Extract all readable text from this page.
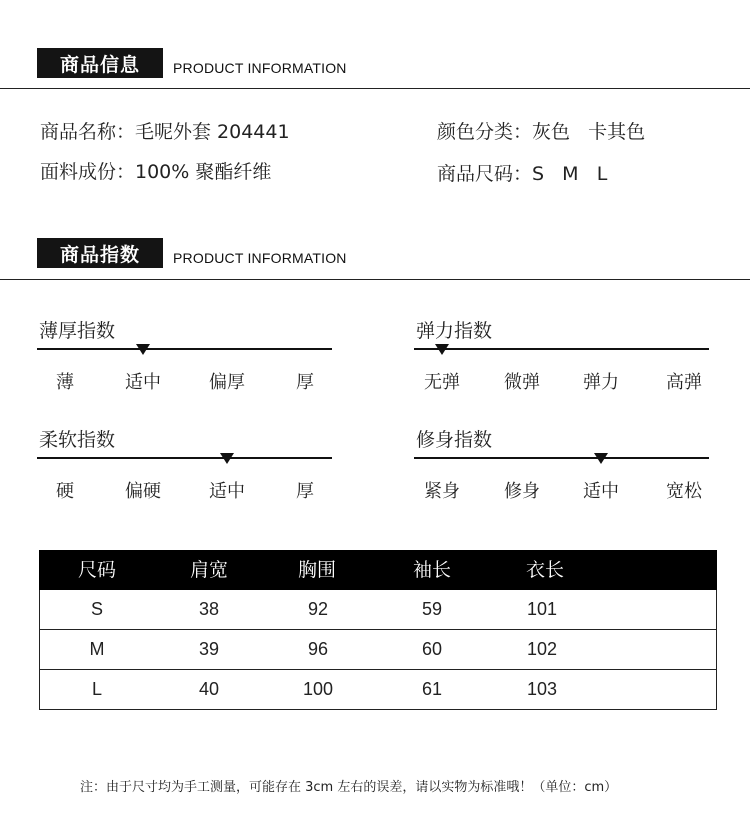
商品信息	PRODUCT INFORMATION
商品名称：毛呢外套 204441	颜色分类：灰色   卡其色
面料成份：100% 聚酯纤维	商品尺码：S   M   L
商品指数	PRODUCT INFORMATION
薄厚指数
薄	适中	偏厚	厚
弹力指数
无弹	微弹	弹力	高弹
柔软指数
硬	偏硬	适中	厚
修身指数
紧身	修身	适中	宽松
尺码	肩宽	胸围	袖长	衣长
S	38	92	59	101
M	39	96	60	102
L	40	100	61	103
注：由于尺寸均为手工测量，可能存在 3cm 左右的误差，请以实物为标准哦！（单位：cm）
